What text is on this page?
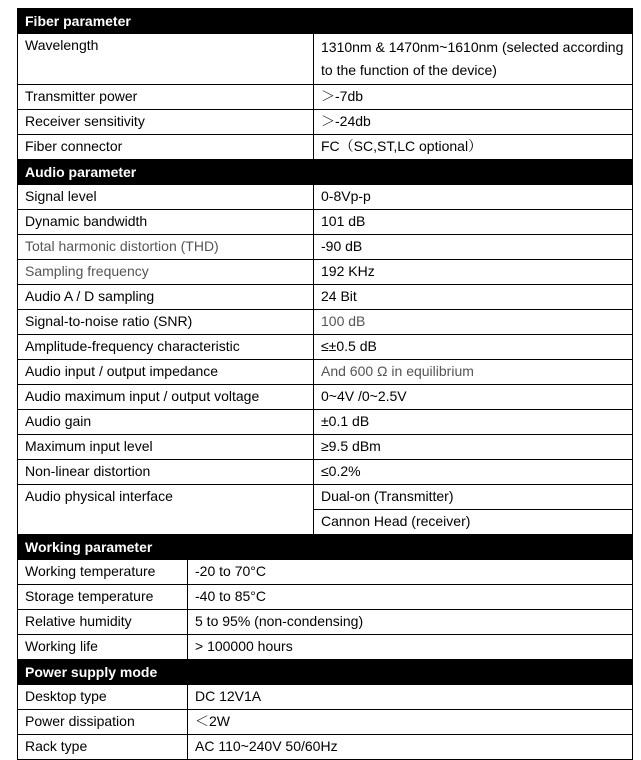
Fiber parameter	
Wavelength	1310nm & 1470nm~1610nm (selected according to the function of the device)
Transmitter power	＞-7db
Receiver sensitivity	＞-24db
Fiber connector	FC（SC,ST,LC optional）
Audio parameter	
Signal level	0-8Vp-p
Dynamic bandwidth	101 dB
Total harmonic distortion (THD)	-90 dB
Sampling frequency	192 KHz
Audio A / D sampling	24 Bit
Signal-to-noise ratio (SNR)	100 dB
Amplitude-frequency characteristic	≤±0.5 dB
Audio input / output impedance	And 600 Ω in equilibrium
Audio maximum input / output voltage	0~4V /0~2.5V
Audio gain	±0.1 dB
Maximum input level	≥9.5 dBm
Non-linear distortion	≤0.2%
Audio physical interface	Dual-on (Transmitter)
	Cannon Head (receiver)
Working parameter	
Working temperature	-20 to 70°C
Storage temperature	-40 to 85°C
Relative humidity	5 to 95% (non-condensing)
Working life	> 100000 hours
Power supply mode	
Desktop type	DC 12V1A
Power dissipation	＜2W
Rack type	AC 110~240V 50/60Hz
